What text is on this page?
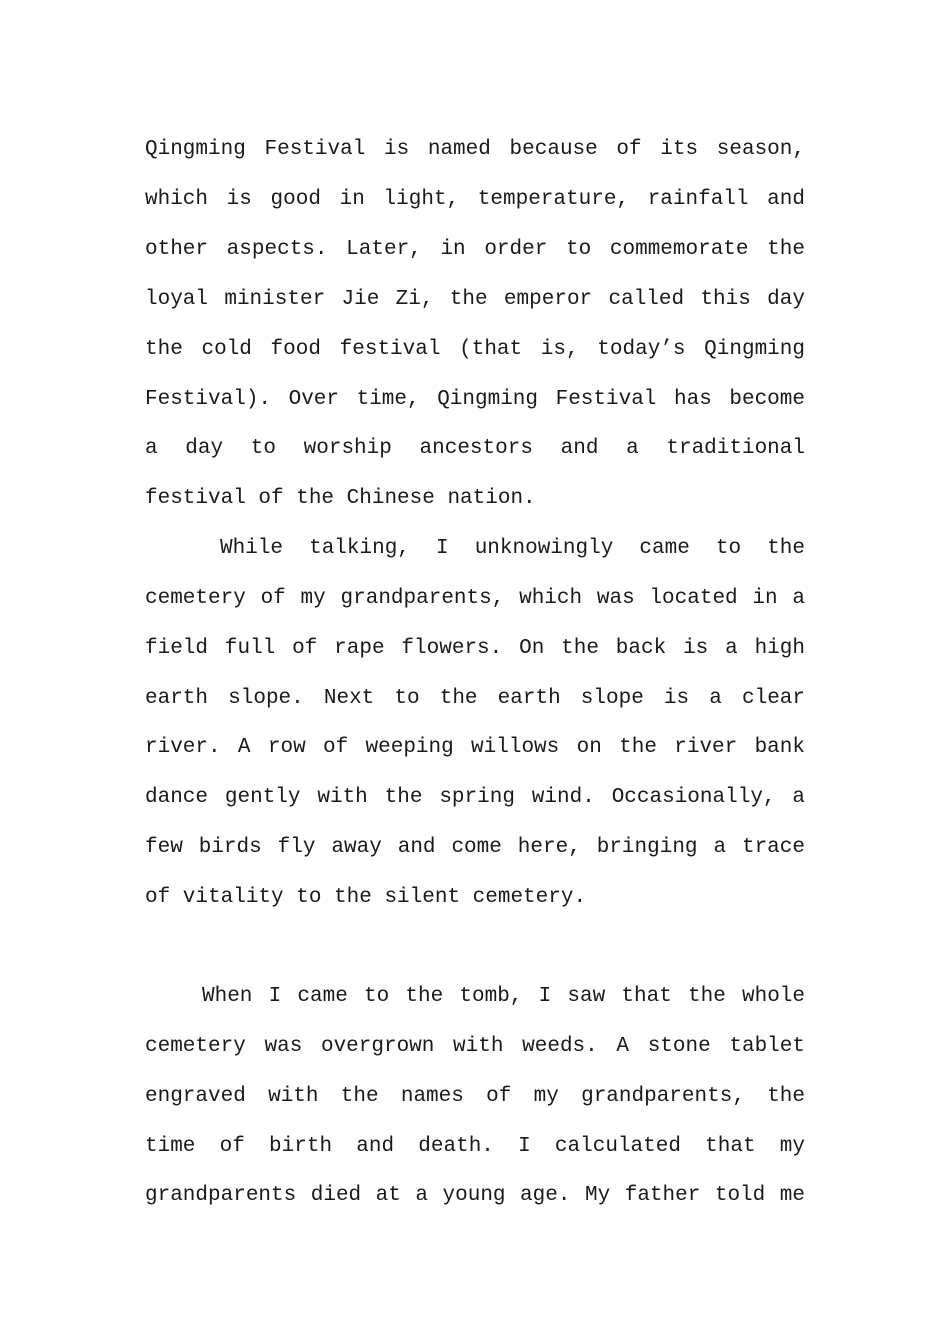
Qingming Festival is named because of its season,
which is good in light, temperature, rainfall and
other aspects. Later, in order to commemorate the
loyal minister Jie Zi, the emperor called this day
the cold food festival (that is, today’s Qingming
Festival). Over time, Qingming Festival has become
a day to worship ancestors and a traditional
festival of the Chinese nation.
While talking, I unknowingly came to the
cemetery of my grandparents, which was located in a
field full of rape flowers. On the back is a high
earth slope. Next to the earth slope is a clear
river. A row of weeping willows on the river bank
dance gently with the spring wind. Occasionally, a
few birds fly away and come here, bringing a trace
of vitality to the silent cemetery.
When I came to the tomb, I saw that the whole
cemetery was overgrown with weeds. A stone tablet
engraved with the names of my grandparents, the
time of birth and death. I calculated that my
grandparents died at a young age. My father told me
